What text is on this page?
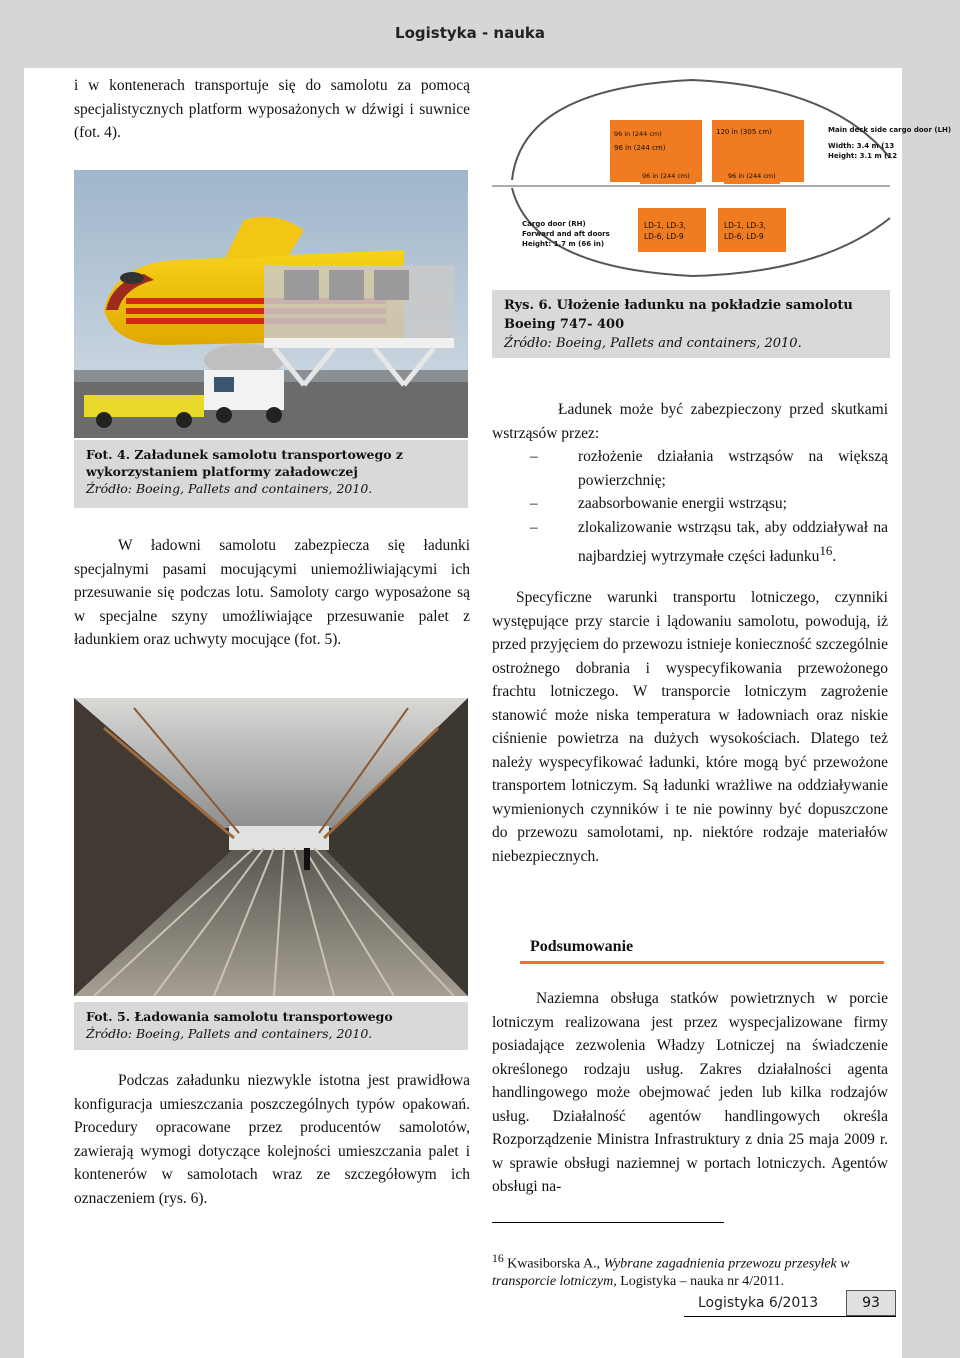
Logistyka - nauka
i w kontenerach transportuje się do samolotu za pomocą specjalistycznych platform wyposażonych w dźwigi i suwnice (fot. 4).
Fot. 4. Załadunek samolotu transportowego z wykorzystaniem platformy załadowczej
Źródło: Boeing, Pallets and containers, 2010.
W ładowni samolotu zabezpiecza się ładunki specjalnymi pasami mocującymi uniemożliwiającymi ich przesuwanie się podczas lotu. Samoloty cargo wyposażone są w specjalne szyny umożliwiające przesuwanie palet z ładunkiem oraz uchwyty mocujące (fot. 5).
Fot. 5. Ładowania samolotu transportowego
Źródło: Boeing, Pallets and containers, 2010.
Podczas załadunku niezwykle istotna jest prawidłowa konfiguracja umieszczania poszczególnych typów opakowań. Procedury opracowane przez producentów samolotów, zawierają wymogi dotyczące kolejności umieszczania palet i kontenerów w samolotach wraz ze szczegółowym ich oznaczeniem (rys. 6).
96 in (244 cm)
120 in (305 cm)
96 in (244 cm)	96 in (244 cm)
96 in (244 cm)	Main deck side cargo door (LH)
Width: 3.4 m (13
Height: 3.1 m (12
Cargo door (RH)
Forward and aft doors
Height: 1.7 m (66 in)
LD-1, LD-3,
LD-6, LD-9
LD-1, LD-3,
LD-6, LD-9
Rys. 6. Ułożenie ładunku na pokładzie samolotu Boeing 747- 400
Źródło: Boeing, Pallets and containers, 2010.
Ładunek może być zabezpieczony przed skutkami wstrząsów przez:
–	rozłożenie działania wstrząsów na większą powierzchnię;
–	zaabsorbowanie energii wstrząsu;
–	zlokalizowanie wstrząsu tak, aby oddziaływał na najbardziej wytrzymałe części ładunku$^{16}$.
Specyficzne warunki transportu lotniczego, czynniki występujące przy starcie i lądowaniu samolotu, powodują, iż przed przyjęciem do przewozu istnieje konieczność szczególnie ostrożnego dobrania i wyspecyfikowania przewożonego frachtu lotniczego. W transporcie lotniczym zagrożenie stanowić może niska temperatura w ładowniach oraz niskie ciśnienie powietrza na dużych wysokościach. Dlatego też należy wyspecyfikować ładunki, które mogą być przewożone transportem lotniczym. Są ładunki wrażliwe na oddziaływanie wymienionych czynników i te nie powinny być dopuszczone do przewozu samolotami, np. niektóre rodzaje materiałów niebezpiecznych.
Podsumowanie
Naziemna obsługa statków powietrznych w porcie lotniczym realizowana jest przez wyspecjalizowane firmy posiadające zezwolenia Władzy Lotniczej na świadczenie określonego rodzaju usług. Zakres działalności agenta handlingowego może obejmować jeden lub kilka rodzajów usług. Działalność agentów handlingowych określa Rozporządzenie Ministra Infrastruktury z dnia 25 maja 2009 r. w sprawie obsługi naziemnej w portach lotniczych. Agentów obsługi na-
$^{16}$ Kwasiborska A., Wybrane zagadnienia przewozu przesyłek w transporcie lotniczym, Logistyka – nauka nr 4/2011.
Logistyka 6/2013	93
